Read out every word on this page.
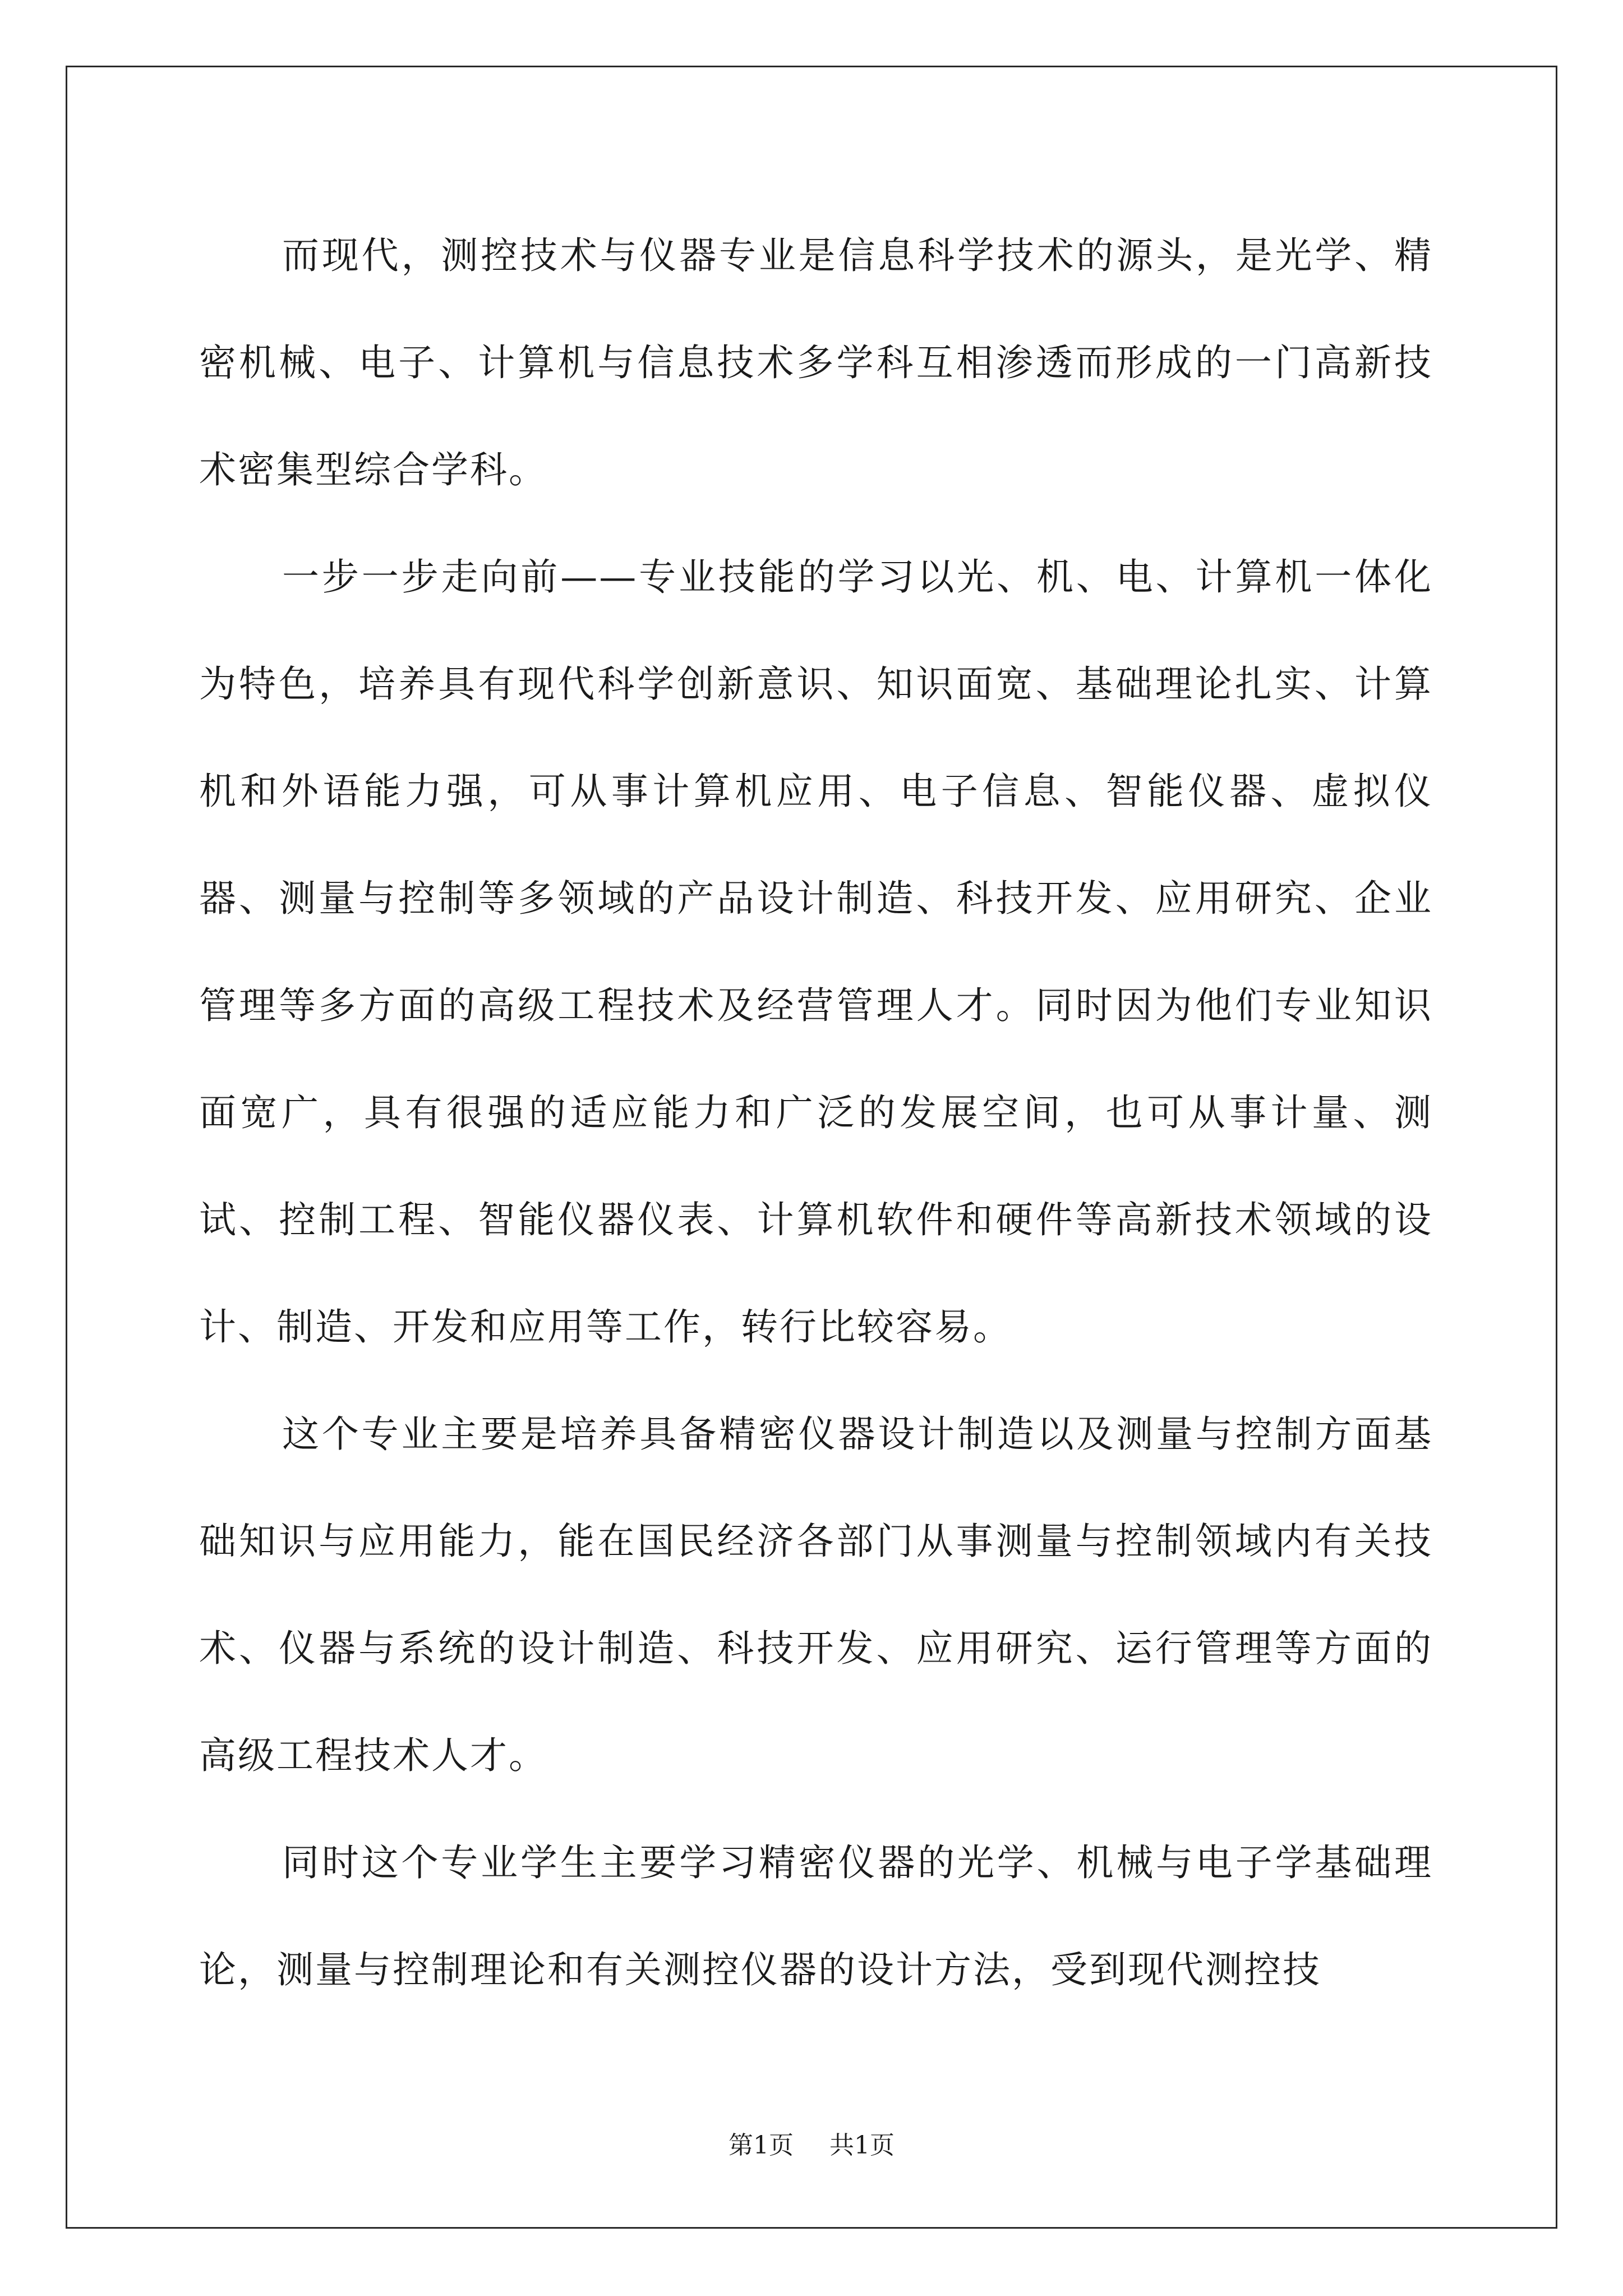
而现代，测控技术与仪器专业是信息科学技术的源头，是光学、精密机械、电子、计算机与信息技术多学科互相渗透而形成的一门高新技术密集型综合学科。

一步一步走向前——专业技能的学习以光、机、电、计算机一体化为特色，培养具有现代科学创新意识、知识面宽、基础理论扎实、计算机和外语能力强，可从事计算机应用、电子信息、智能仪器、虚拟仪器、测量与控制等多领域的产品设计制造、科技开发、应用研究、企业管理等多方面的高级工程技术及经营管理人才。同时因为他们专业知识面宽广，具有很强的适应能力和广泛的发展空间，也可从事计量、测试、控制工程、智能仪器仪表、计算机软件和硬件等高新技术领域的设计、制造、开发和应用等工作，转行比较容易。

这个专业主要是培养具备精密仪器设计制造以及测量与控制方面基础知识与应用能力，能在国民经济各部门从事测量与控制领域内有关技术、仪器与系统的设计制造、科技开发、应用研究、运行管理等方面的高级工程技术人才。

同时这个专业学生主要学习精密仪器的光学、机械与电子学基础理论，测量与控制理论和有关测控仪器的设计方法，受到现代测控技

第1页 共1页
